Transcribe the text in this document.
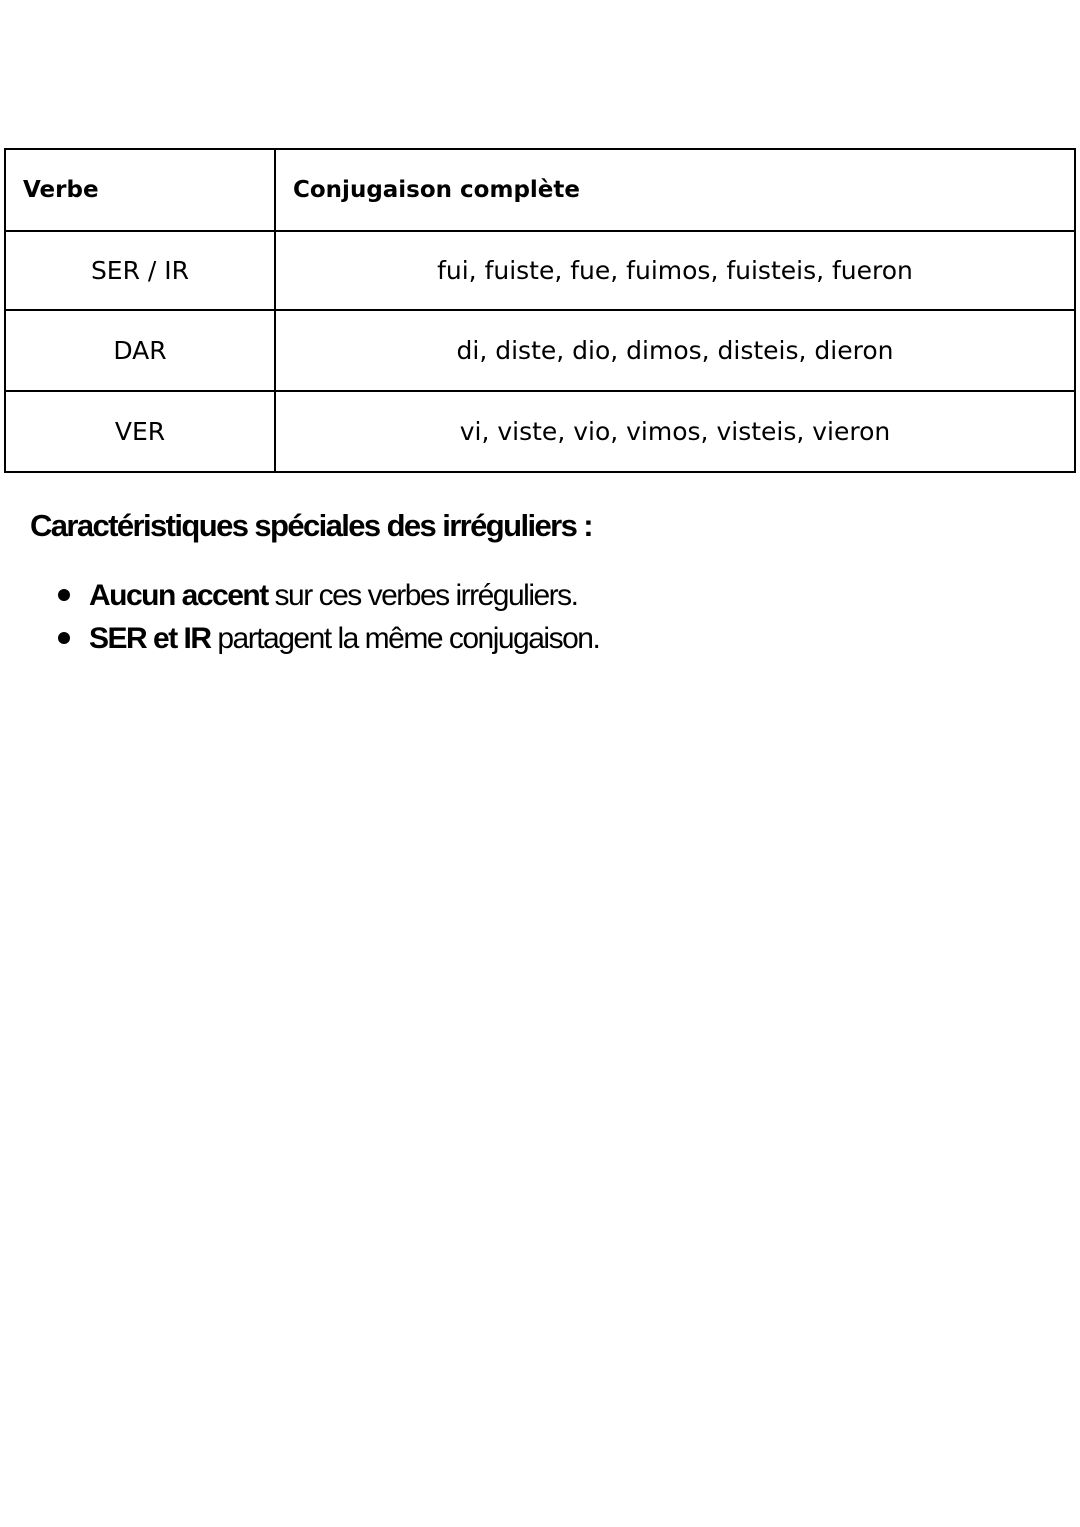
Verbe	Conjugaison complète
SER / IR	fui, fuiste, fue, fuimos, fuisteis, fueron
DAR	di, diste, dio, dimos, disteis, dieron
VER	vi, viste, vio, vimos, visteis, vieron
Caractéristiques spéciales des irréguliers :
Aucun accent sur ces verbes irréguliers.
SER et IR partagent la même conjugaison.
